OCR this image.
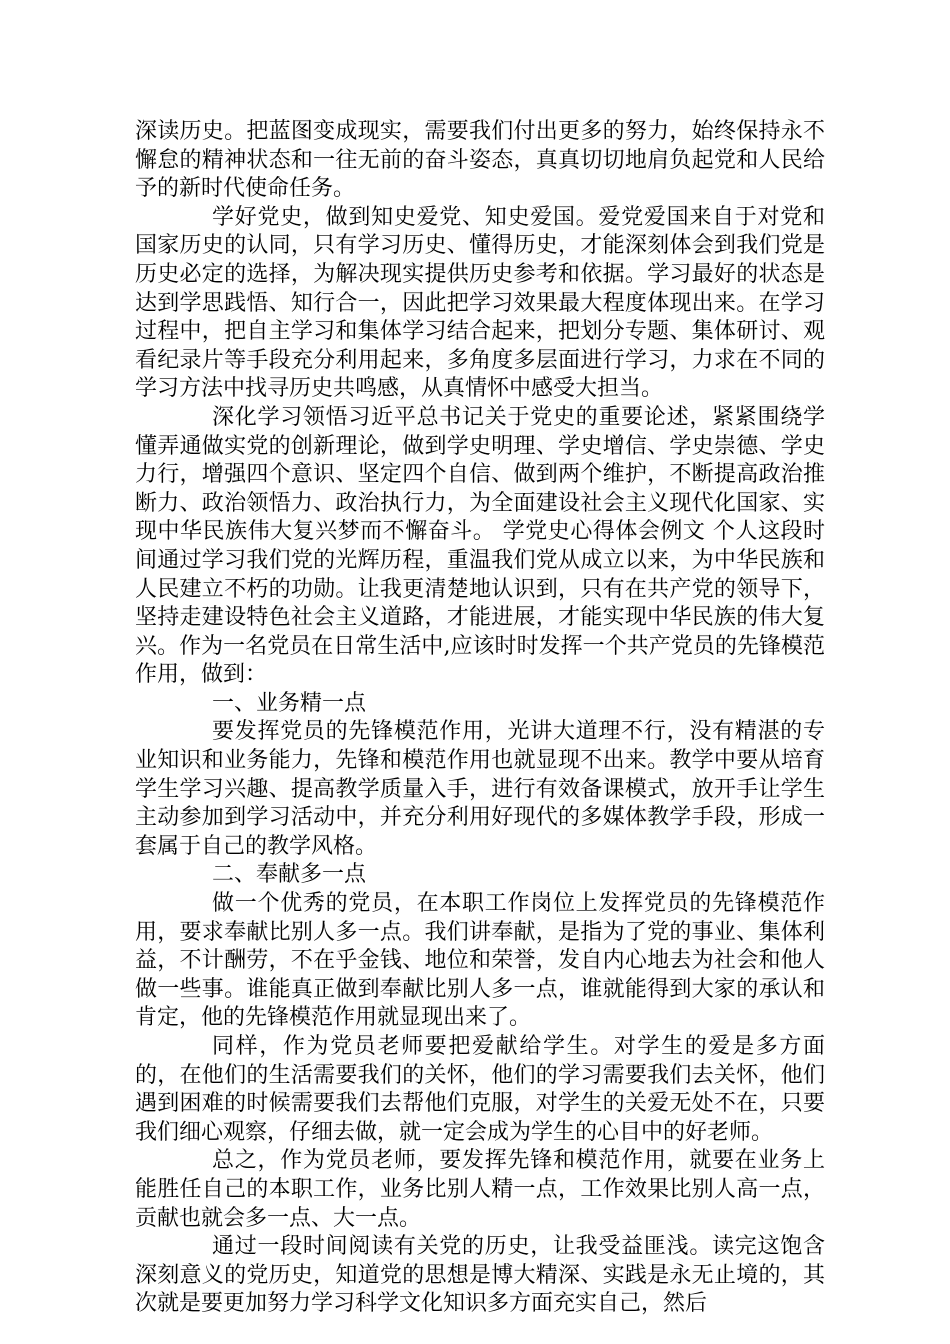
深读历史。把蓝图变成现实，需要我们付出更多的努力，始终保持永不懈怠的精神状态和一往无前的奋斗姿态，真真切切地肩负起党和人民给予的新时代使命任务。

学好党史，做到知史爱党、知史爱国。爱党爱国来自于对党和国家历史的认同，只有学习历史、懂得历史，才能深刻体会到我们党是历史必定的选择，为解决现实提供历史参考和依据。学习最好的状态是达到学思践悟、知行合一，因此把学习效果最大程度体现出来。在学习过程中，把自主学习和集体学习结合起来，把划分专题、集体研讨、观看纪录片等手段充分利用起来，多角度多层面进行学习，力求在不同的学习方法中找寻历史共鸣感，从真情怀中感受大担当。

深化学习领悟习近平总书记关于党史的重要论述，紧紧围绕学懂弄通做实党的创新理论，做到学史明理、学史增信、学史崇德、学史力行，增强四个意识、坚定四个自信、做到两个维护，不断提高政治推断力、政治领悟力、政治执行力，为全面建设社会主义现代化国家、实现中华民族伟大复兴梦而不懈奋斗。 学党史心得体会例文 个人这段时间通过学习我们党的光辉历程，重温我们党从成立以来，为中华民族和人民建立不朽的功勋。让我更清楚地认识到，只有在共产党的领导下，坚持走建设特色社会主义道路，才能进展，才能实现中华民族的伟大复兴。作为一名党员在日常生活中,应该时时发挥一个共产党员的先锋模范作用，做到：

一、业务精一点

要发挥党员的先锋模范作用，光讲大道理不行，没有精湛的专业知识和业务能力，先锋和模范作用也就显现不出来。教学中要从培育学生学习兴趣、提高教学质量入手，进行有效备课模式，放开手让学生主动参加到学习活动中，并充分利用好现代的多媒体教学手段，形成一套属于自己的教学风格。

二、奉献多一点

做一个优秀的党员，在本职工作岗位上发挥党员的先锋模范作用，要求奉献比别人多一点。我们讲奉献，是指为了党的事业、集体利益，不计酬劳，不在乎金钱、地位和荣誉，发自内心地去为社会和他人做一些事。谁能真正做到奉献比别人多一点，谁就能得到大家的承认和肯定，他的先锋模范作用就显现出来了。

同样，作为党员老师要把爱献给学生。对学生的爱是多方面的，在他们的生活需要我们的关怀，他们的学习需要我们去关怀，他们遇到困难的时候需要我们去帮他们克服，对学生的关爱无处不在，只要我们细心观察，仔细去做，就一定会成为学生的心目中的好老师。

总之，作为党员老师，要发挥先锋和模范作用，就要在业务上能胜任自己的本职工作，业务比别人精一点，工作效果比别人高一点，贡献也就会多一点、大一点。

通过一段时间阅读有关党的历史，让我受益匪浅。读完这饱含深刻意义的党历史，知道党的思想是博大精深、实践是永无止境的，其次就是要更加努力学习科学文化知识多方面充实自己，然后
